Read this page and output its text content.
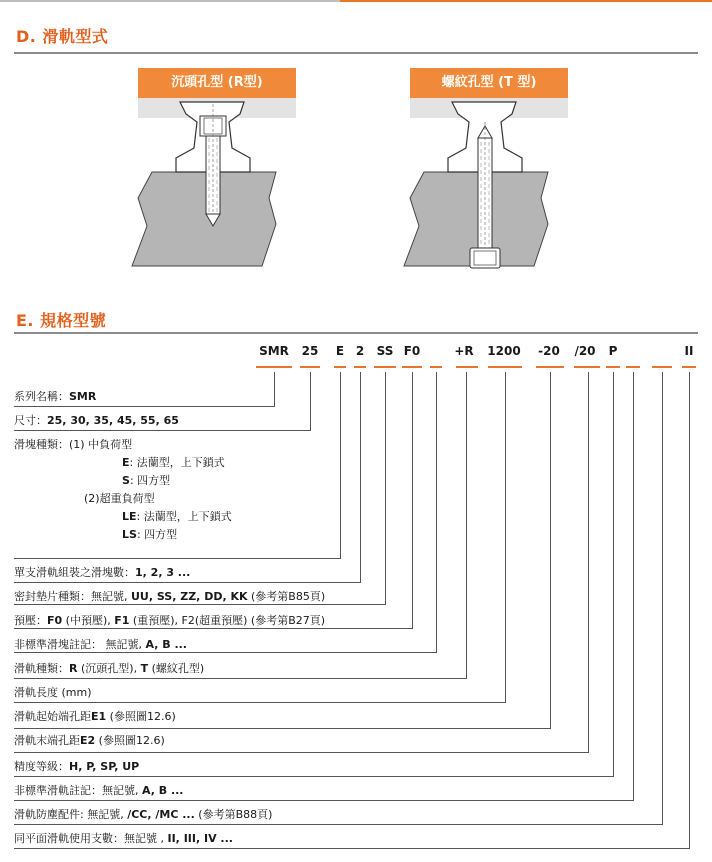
D. 滑軌型式
沉頭孔型 (R型)	螺紋孔型 (T 型)
E. 規格型號
SMR 25 E 2 SS F0	+R	1200	-20	/20	P	II
系列名稱：SMR
尺寸：25, 30, 35, 45, 55, 65
滑塊種類：(1) 中負荷型
E: 法蘭型，上下鎖式
S: 四方型
(2)超重負荷型
LE: 法蘭型，上下鎖式
LS: 四方型
單支滑軌組裝之滑塊數：1, 2, 3 ...
密封墊片種類：無記號, UU, SS, ZZ, DD, KK (參考第B85頁)
預壓：F0 (中預壓), F1 (重預壓), F2(超重預壓) (參考第B27頁)
非標準滑塊註記： 無記號, A, B ...
滑軌種類：R (沉頭孔型), T (螺紋孔型)
滑軌長度 (mm)
滑軌起始端孔距E1 (參照圖12.6)
滑軌末端孔距E2 (參照圖12.6)
精度等級：H, P, SP, UP
非標準滑軌註記：無記號, A, B ...
滑軌防塵配件: 無記號, /CC, /MC ... (參考第B88頁)
同平面滑軌使用支數：無記號 , II, III, IV ...
